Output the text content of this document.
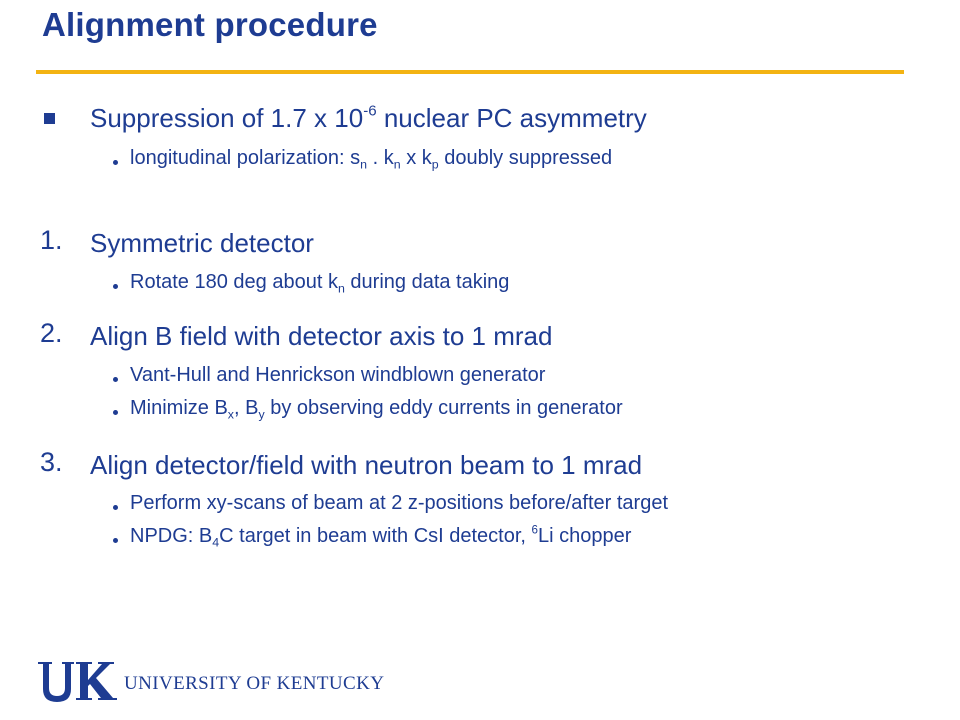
Alignment procedure
Suppression of 1.7 x $10^{-6}$ nuclear PC asymmetry
longitudinal polarization: $s_n$ . $k_n$ x $k_p$ doubly suppressed
1. Symmetric detector
Rotate 180 deg about $k_n$ during data taking
2. Align B field with detector axis to 1 mrad
Vant-Hull and Henrickson windblown generator
Minimize $B_x$, $B_y$ by observing eddy currents in generator
3. Align detector/field with neutron beam to 1 mrad
Perform xy-scans of beam at 2 z-positions before/after target
NPDG: $B_4C$ target in beam with CsI detector, $^6$Li chopper
UNIVERSITY OF KENTUCKY
